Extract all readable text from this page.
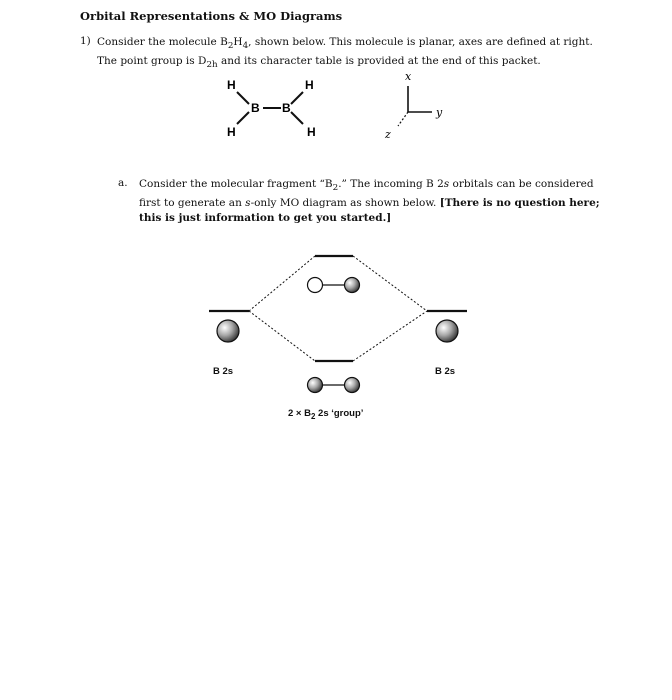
Orbital Representations & MO Diagrams
1) Consider the molecule $B_2H_4$, shown below. This molecule is planar, axes are defined at right. The point group is $D_{2h}$ and its character table is provided at the end of this packet.
H	H
B B
H	H
x
y
z
a. Consider the molecular fragment “$B_2$.” The incoming B 2s orbitals can be considered first to generate an s-only MO diagram as shown below. [There is no question here; this is just information to get you started.]
B 2s	B 2s
$2 \times B_2$ 2s ‘group’
